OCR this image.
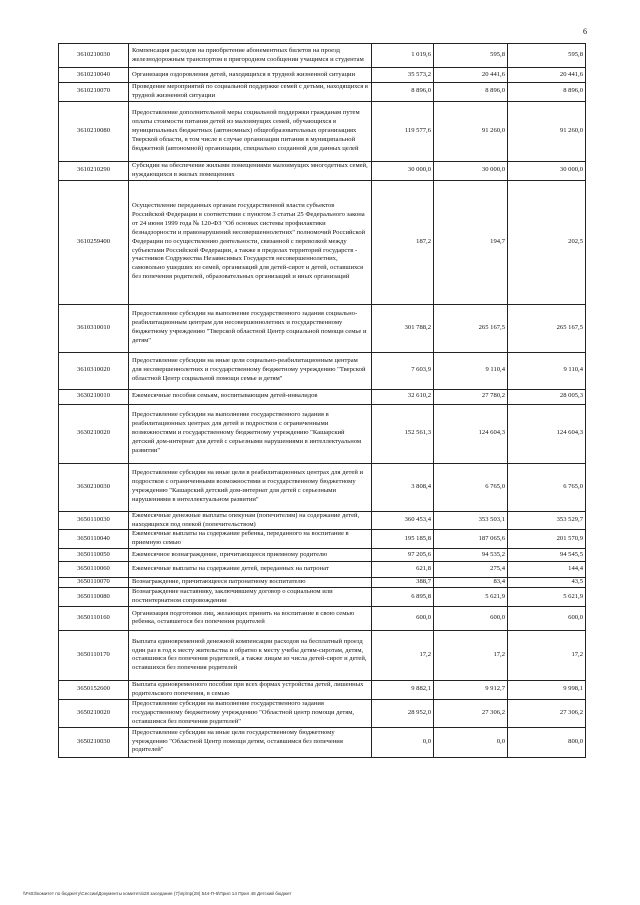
6
3610210030	Компенсация расходов на приобретение абонементных билетов на проезд железнодорожным транспортом в пригородном сообщении учащимся и студентам	1 019,6	595,8	595,8
3610210040	Организация оздоровления детей, находящихся в трудной жизненной ситуации	35 573,2	20 441,6	20 441,6
3610210070	Проведение мероприятий по социальной поддержке семей с детьми, находящихся в трудной жизненной ситуации	8 896,0	8 896,0	8 896,0
3610210080	Предоставление дополнительной меры социальной поддержки гражданам путем оплаты стоимости питания детей из малоимущих семей, обучающихся в муниципальных бюджетных (автономных) общеобразовательных организациях Тверской области, в том числе в случае организации питания в муниципальной бюджетной (автономной) организации, специально созданной для данных целей	119 577,6	91 260,0	91 260,0
3610210290	Субсидии на обеспечение жилыми помещениями малоимущих многодетных семей, нуждающихся в жилых помещениях	30 000,0	30 000,0	30 000,0
3610259400	Осуществление переданных органам государственной власти субъектов Российской Федерации в соответствии с пунктом 3 статьи 25 Федерального закона от 24 июня 1999 года № 120-ФЗ "Об основах системы профилактики безнадзорности и правонарушений несовершеннолетних" полномочий Российской Федерации по осуществлению деятельности, связанной с перевозкой между субъектами Российской Федерации, а также в пределах территорий государств - участников Содружества Независимых Государств несовершеннолетних, самовольно ушедших из семей, организаций для детей-сирот и детей, оставшихся без попечения родителей, образовательных организаций и иных организаций	187,2	194,7	202,5
3610310010	Предоставление субсидии на выполнение государственного задания социально-реабилитационным центрам для несовершеннолетних и государственному бюджетному учреждению "Тверской областной Центр социальной помощи семье и детям"	301 788,2	265 167,5	265 167,5
3610310020	Предоставление субсидии на иные цели социально-реабилитационным центрам для несовершеннолетних и государственному бюджетному учреждению "Тверской областной Центр социальной помощи семье и детям"	7 603,9	9 110,4	9 110,4
3630210010	Ежемесячные пособия семьям, воспитывающим детей-инвалидов	32 610,2	27 780,2	28 005,3
3630210020	Предоставление субсидии на выполнение государственного задания в реабилитационных центрах для детей и подростков с ограниченными возможностями и государственному бюджетному учреждению "Кашарский детский дом-интернат для детей с серьезными нарушениями в интеллектуальном развитии"	152 561,3	124 604,3	124 604,3
3630210030	Предоставление субсидии на иные цели в реабилитационных центрах для детей и подростков с ограниченными возможностями и государственному бюджетному учреждению "Кашарский детский дом-интернат для детей с серьезными нарушениями в интеллектуальном развитии"	3 808,4	6 765,0	6 765,0
3650110030	Ежемесячные денежные выплаты опекунам (попечителям) на содержание детей, находящихся под опекой (попечительством)	360 453,4	353 503,1	353 529,7
3650110040	Ежемесячные выплаты на содержание ребенка, переданного на воспитание в приемную семью	195 185,8	187 065,6	201 570,9
3650110050	Ежемесячное вознаграждение, причитающееся приемному родителю	97 205,6	94 535,2	94 545,5
3650110060	Ежемесячные выплаты на содержание детей, переданных на патронат	621,8	275,4	144,4
3650110070	Вознаграждение, причитающееся патронатному воспитателю	388,7	83,4	43,5
3650110080	Вознаграждение наставнику, заключившему договор о социальном или постинтернатном сопровождении	6 895,8	5 621,9	5 621,9
3650110160	Организация подготовки лиц, желающих принять на воспитание в свою семью ребенка, оставшегося без попечения родителей	600,0	600,0	600,0
3650110170	Выплата единовременной денежной компенсации расходов на бесплатный проезд один раз в год к месту жительства и обратно к месту учебы детям-сиротам, детям, оставшимся без попечения родителей, а также лицам из числа детей-сирот и детей, оставшихся без попечения родителей	17,2	17,2	17,2
3650152600	Выплата единовременного пособия при всех формах устройства детей, лишенных родительского попечения, в семью	9 882,1	9 912,7	9 998,1
3650210020	Предоставление субсидии на выполнение государственного задания государственному бюджетному учреждению "Областной центр помощи детям, оставшимся без попечения родителей"	28 952,0	27 306,2	27 306,2
3650210030	Предоставление субсидии на иные цели государственному бюджетному учреждению "Областной Центр помощи детям, оставшимся без попечения родителей"	0,0	0,0	800,0
\\Fs03\комитет по бюджету\Сессии\Документы комитета\28 заседание (7)\пр\пр(28) 544-П-6\Прил 14 Прил 48 Детский бюджет
